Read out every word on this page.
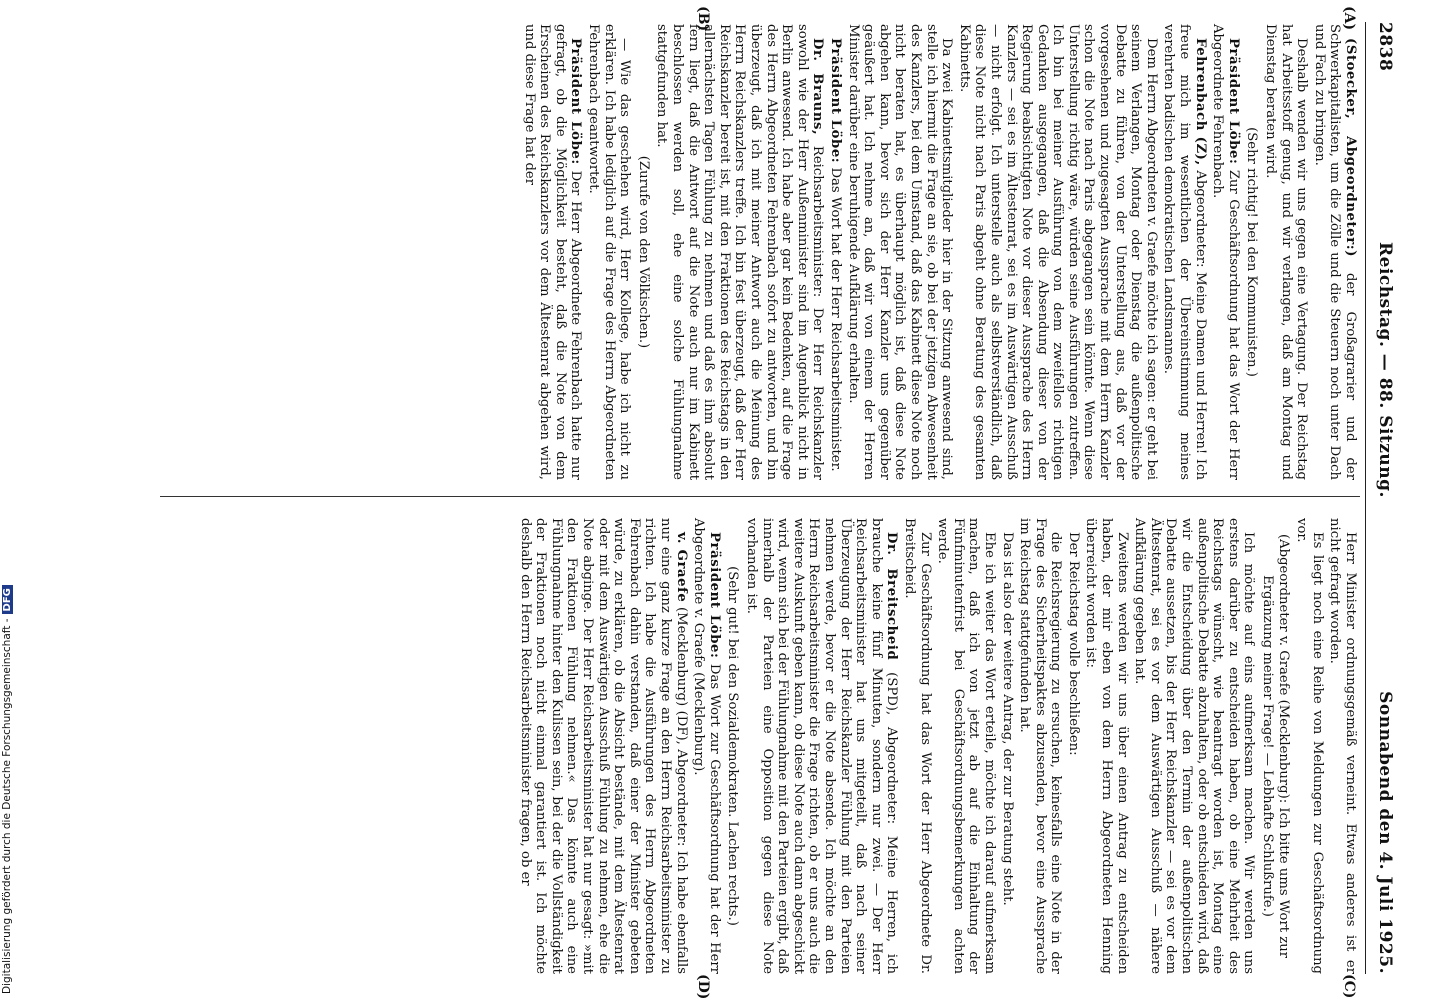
2838
Reichstag. — 88. Sitzung.
Sonnabend den 4. Juli 1925.

(Stoecker, Abgeordneter:) der Großagrarier und der Schwerkapitalisten, um die Zölle und die Steuern noch unter Dach und Fach zu bringen.

Deshalb wenden wir uns gegen eine Vertagung. Der Reichstag hat Arbeitsstoff genug, und wir verlangen, daß am Montag und Dienstag beraten wird.

(Sehr richtig! bei den Kommunisten.)

Präsident Löbe: Zur Geschäftsordnung hat das Wort der Herr Abgeordnete Fehrenbach.

Fehrenbach (Z), Abgeordneter: Meine Damen und Herren! Ich freue mich im wesentlichen der Übereinstimmung meines verehrten badischen demokratischen Landsmannes.

Dem Herrn Abgeordneten v. Graefe möchte ich sagen: er geht bei seinem Verlangen, Montag oder Dienstag die außenpolitische Debatte zu führen, von der Unterstellung aus, daß vor der vorgesehenen und zugesagten Aussprache mit dem Herrn Kanzler schon die Note nach Paris abgegangen sein könnte. Wenn diese Unterstellung richtig wäre, würden seine Ausführungen zutreffen. Ich bin bei meiner Ausführung von dem zweifellos richtigen Gedanken ausgegangen, daß die Absendung dieser von der Regierung beabsichtigten Note vor dieser Aussprache des Herrn Kanzlers — sei es im Ältestenrat, sei es im Auswärtigen Ausschuß — nicht erfolgt. Ich unterstelle auch als selbstverständlich, daß diese Note nicht nach Paris abgeht ohne Beratung des gesamten Kabinetts.

Da zwei Kabinettsmitglieder hier in der Sitzung anwesend sind, stelle ich hiermit die Frage an sie, ob bei der jetzigen Abwesenheit des Kanzlers, bei dem Umstand, daß das Kabinett diese Note noch nicht beraten hat, es überhaupt möglich ist, daß diese Note abgehen kann, bevor sich der Herr Kanzler uns gegenüber geäußert hat. Ich nehme an, daß wir von einem der Herren Minister darüber eine beruhigende Aufklärung erhalten.

Präsident Löbe: Das Wort hat der Herr Reichsarbeitsminister.

Dr. Brauns, Reichsarbeitsminister: Der Herr Reichskanzler sowohl wie der Herr Außenminister sind im Augenblick nicht in Berlin anwesend. Ich habe aber gar kein Bedenken, auf die Frage des Herrn Abgeordneten Fehrenbach sofort zu antworten, und bin überzeugt, daß ich mit meiner Antwort auch die Meinung des Herrn Reichskanzlers treffe. Ich bin fest überzeugt, daß der Herr Reichskanzler bereit ist, mit den Fraktionen des Reichstags in den allernächsten Tagen Fühlung zu nehmen und daß es ihm absolut fern liegt, daß die Antwort auf die Note auch nur im Kabinett beschlossen werden soll, ehe eine solche Fühlungnahme stattgefunden hat.

(Zurufe von den Völkischen.)

— Wie das geschehen wird, Herr Kollege, habe ich nicht zu erklären. Ich habe lediglich auf die Frage des Herrn Abgeordneten Fehrenbach geantwortet.

Präsident Löbe: Der Herr Abgeordnete Fehrenbach hatte nur gefragt, ob die Möglichkeit besteht, daß die Note von dem Erscheinen des Reichskanzlers vor dem Ältestenrat abgehen wird, und diese Frage hat der

Herr Minister ordnungsgemäß verneint. Etwas anderes ist er nicht gefragt worden.

Es liegt noch eine Reihe von Meldungen zur Geschäftsordnung vor.

(Abgeordneter v. Graefe (Mecklenburg): Ich bitte ums Wort zur Ergänzung meiner Frage! — Lebhafte Schlußrufe.)

Ich möchte auf eins aufmerksam machen. Wir werden uns erstens darüber zu entscheiden haben, ob eine Mehrheit des Reichstags wünscht, wie beantragt worden ist, Montag eine außenpolitische Debatte abzuhalten, oder ob entschieden wird, daß wir die Entscheidung über den Termin der außenpolitischen Debatte aussetzen, bis der Herr Reichskanzler — sei es vor dem Ältestenrat, sei es vor dem Auswärtigen Ausschuß — nähere Aufklärung gegeben hat.

Zweitens werden wir uns über einen Antrag zu entscheiden haben, der mir eben von dem Herrn Abgeordneten Henning überreicht worden ist:

Der Reichstag wolle beschließen:

die Reichsregierung zu ersuchen, keinesfalls eine Note in der Frage des Sicherheitspaktes abzusenden, bevor eine Aussprache im Reichstag stattgefunden hat.

Das ist also der weitere Antrag, der zur Beratung steht.

Ehe ich weiter das Wort erteile, möchte ich darauf aufmerksam machen, daß ich von jetzt ab auf die Einhaltung der Fünfminutenfrist bei Geschäftsordnungsbemerkungen achten werde.

Zur Geschäftsordnung hat das Wort der Herr Abgeordnete Dr. Breitscheid.

Dr. Breitscheid (SPD), Abgeordneter: Meine Herren, ich brauche keine fünf Minuten, sondern nur zwei. — Der Herr Reichsarbeitsminister hat uns mitgeteilt, daß nach seiner Überzeugung der Herr Reichskanzler Fühlung mit den Parteien nehmen werde, bevor er die Note absende. Ich möchte an den Herrn Reichsarbeitsminister die Frage richten, ob er uns auch die weitere Auskunft geben kann, ob diese Note auch dann abgeschickt wird, wenn sich bei der Fühlungnahme mit den Parteien ergibt, daß innerhalb der Parteien eine Opposition gegen diese Note vorhanden ist.

(Sehr gut! bei den Sozialdemokraten. Lachen rechts.)

Präsident Löbe: Das Wort zur Geschäftsordnung hat der Herr Abgeordnete v. Graefe (Mecklenburg).

v. Graefe (Mecklenburg) (DF), Abgeordneter: Ich habe ebenfalls nur eine ganz kurze Frage an den Herrn Reichsarbeitsminister zu richten. Ich habe die Ausführungen des Herrn Abgeordneten Fehrenbach dahin verstanden, daß einer der Minister gebeten würde, zu erklären, ob die Absicht bestände, mit dem Ältestenrat oder mit dem Auswärtigen Ausschuß Fühlung zu nehmen, ehe die Note abginge. Der Herr Reichsarbeitsminister hat nur gesagt: »mit den Fraktionen Fühlung nehmen.« Das könnte auch eine Fühlungnahme hinter den Kulissen sein, bei der die Vollständigkeit der Fraktionen noch nicht einmal garantiert ist. Ich möchte deshalb den Herrn Reichsarbeitsminister fragen, ob er

(A)
(B)
(C)
(D)
Digitalisierung gefördert durch die Deutsche Forschungsgemeinschaft -DFG
